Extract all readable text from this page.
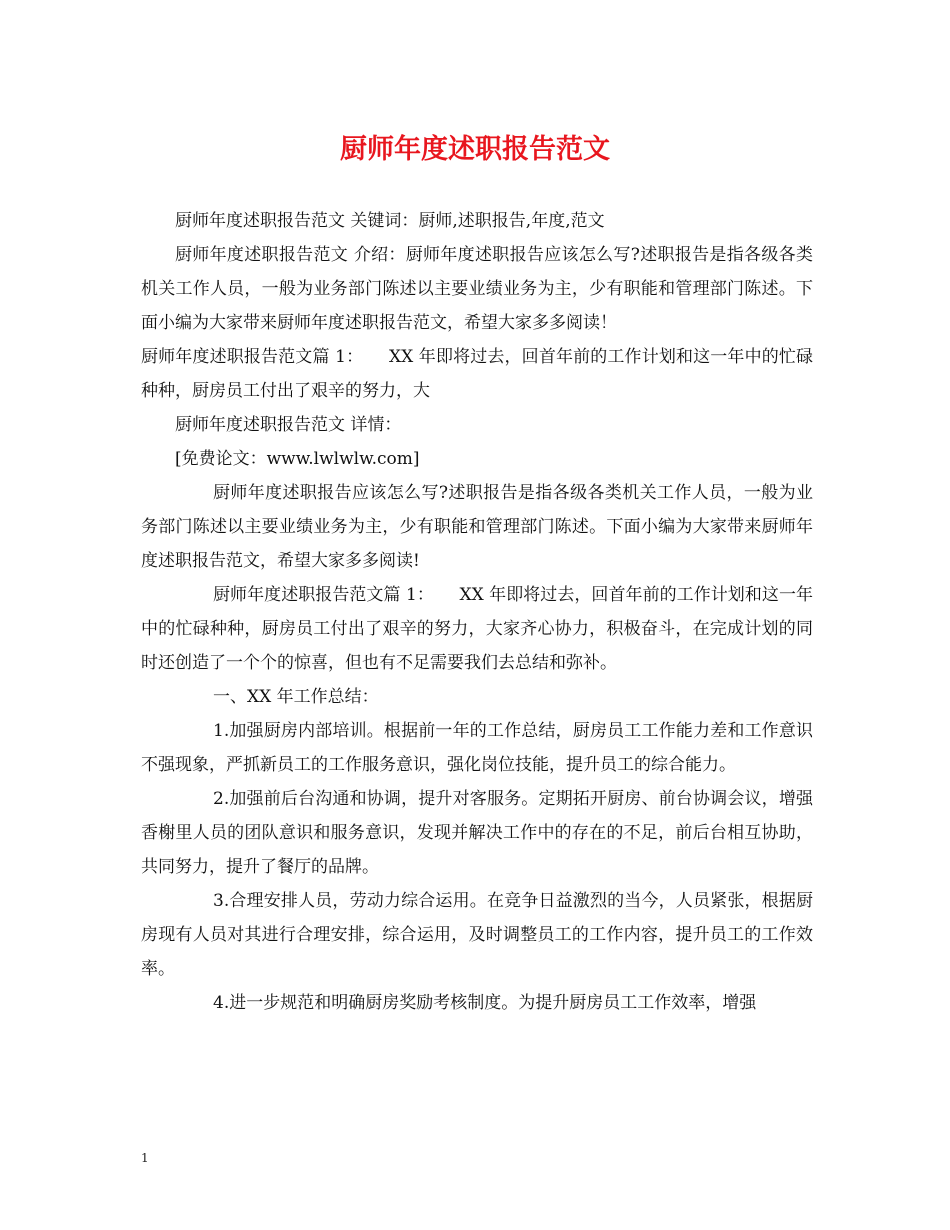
厨师年度述职报告范文

厨师年度述职报告范文 关键词：厨师,述职报告,年度,范文

厨师年度述职报告范文 介绍：厨师年度述职报告应该怎么写?述职报告是指各级各类机关工作人员，一般为业务部门陈述以主要业绩业务为主，少有职能和管理部门陈述。下面小编为大家带来厨师年度述职报告范文，希望大家多多阅读！

厨师年度述职报告范文篇 1：　　XX 年即将过去，回首年前的工作计划和这一年中的忙碌种种，厨房员工付出了艰辛的努力，大

厨师年度述职报告范文 详情：

[免费论文：www.lwlwlw.com]

厨师年度述职报告应该怎么写?述职报告是指各级各类机关工作人员，一般为业务部门陈述以主要业绩业务为主，少有职能和管理部门陈述。下面小编为大家带来厨师年度述职报告范文，希望大家多多阅读!

厨师年度述职报告范文篇 1：　　XX 年即将过去，回首年前的工作计划和这一年中的忙碌种种，厨房员工付出了艰辛的努力，大家齐心协力，积极奋斗，在完成计划的同时还创造了一个个的惊喜，但也有不足需要我们去总结和弥补。

一、XX 年工作总结：

1.加强厨房内部培训。根据前一年的工作总结，厨房员工工作能力差和工作意识不强现象，严抓新员工的工作服务意识，强化岗位技能，提升员工的综合能力。

2.加强前后台沟通和协调，提升对客服务。定期拓开厨房、前台协调会议，增强香榭里人员的团队意识和服务意识，发现并解决工作中的存在的不足，前后台相互协助，共同努力，提升了餐厅的品牌。

3.合理安排人员，劳动力综合运用。在竞争日益激烈的当今，人员紧张，根据厨房现有人员对其进行合理安排，综合运用，及时调整员工的工作内容，提升员工的工作效率。

4.进一步规范和明确厨房奖励考核制度。为提升厨房员工工作效率，增强

1
